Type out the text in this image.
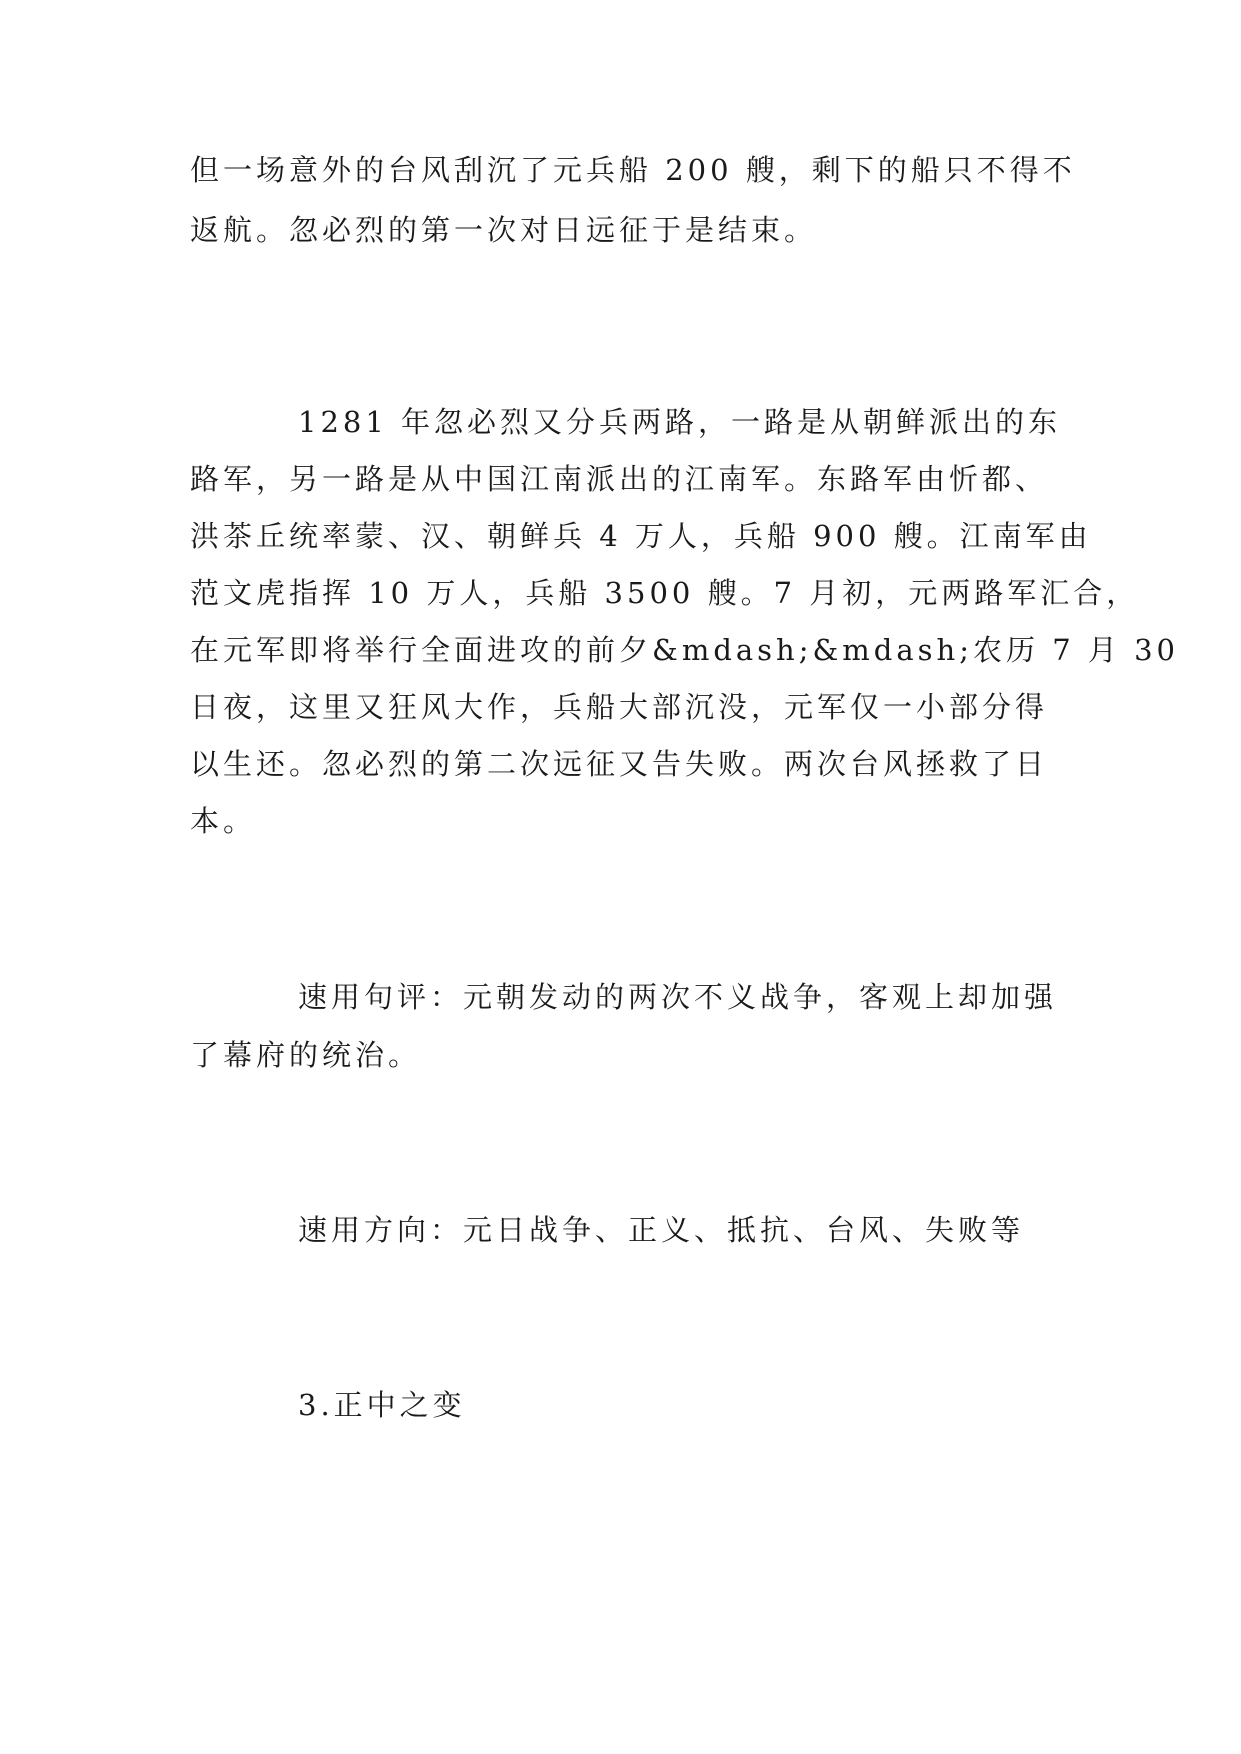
但一场意外的台风刮沉了元兵船 200 艘，剩下的船只不得不
返航。忽必烈的第一次对日远征于是结束。
1281 年忽必烈又分兵两路，一路是从朝鲜派出的东
路军，另一路是从中国江南派出的江南军。东路军由忻都、
洪茶丘统率蒙、汉、朝鲜兵 4 万人，兵船 900 艘。江南军由
范文虎指挥 10 万人，兵船 3500 艘。7 月初，元两路军汇合，
在元军即将举行全面进攻的前夕&mdash;&mdash;农历 7 月 30
日夜，这里又狂风大作，兵船大部沉没，元军仅一小部分得
以生还。忽必烈的第二次远征又告失败。两次台风拯救了日
本。
速用句评：元朝发动的两次不义战争，客观上却加强
了幕府的统治。
速用方向：元日战争、正义、抵抗、台风、失败等
3.正中之变
